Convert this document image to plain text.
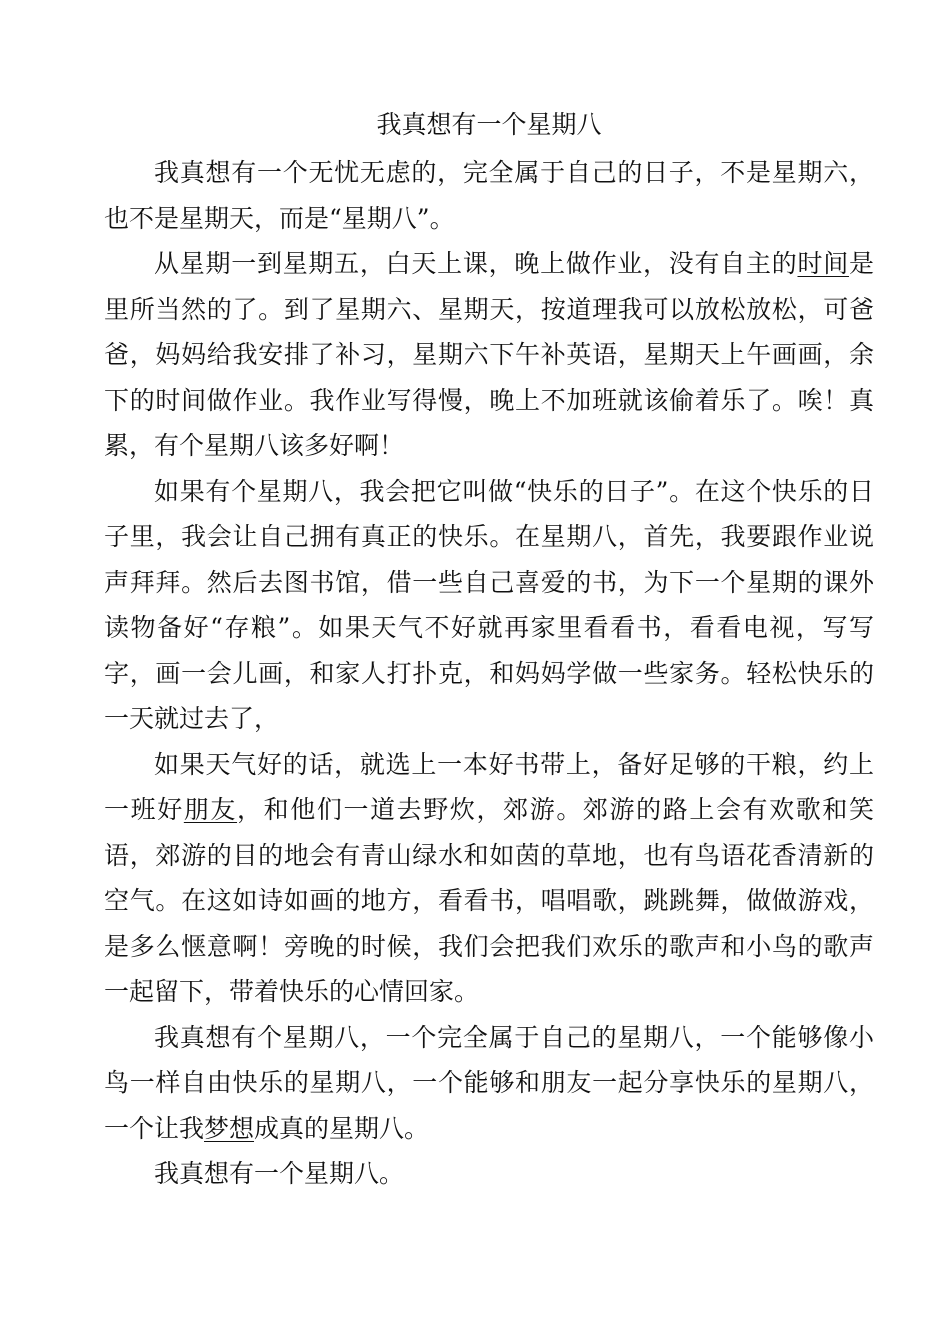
我真想有一个星期八

我真想有一个无忧无虑的，完全属于自己的日子，不是星期六，也不是星期天，而是“星期八”。

从星期一到星期五，白天上课，晚上做作业，没有自主的时间是里所当然的了。到了星期六、星期天，按道理我可以放松放松，可爸爸，妈妈给我安排了补习，星期六下午补英语，星期天上午画画，余下的时间做作业。我作业写得慢，晚上不加班就该偷着乐了。唉！真累，有个星期八该多好啊！

如果有个星期八，我会把它叫做“快乐的日子”。在这个快乐的日子里，我会让自己拥有真正的快乐。在星期八，首先，我要跟作业说声拜拜。然后去图书馆，借一些自己喜爱的书，为下一个星期的课外读物备好“存粮”。如果天气不好就再家里看看书，看看电视，写写字，画一会儿画，和家人打扑克，和妈妈学做一些家务。轻松快乐的一天就过去了，

如果天气好的话，就选上一本好书带上，备好足够的干粮，约上一班好朋友，和他们一道去野炊，郊游。郊游的路上会有欢歌和笑语，郊游的目的地会有青山绿水和如茵的草地，也有鸟语花香清新的空气。在这如诗如画的地方，看看书，唱唱歌，跳跳舞，做做游戏，是多么惬意啊！旁晚的时候，我们会把我们欢乐的歌声和小鸟的歌声一起留下，带着快乐的心情回家。

我真想有个星期八，一个完全属于自己的星期八，一个能够像小鸟一样自由快乐的星期八，一个能够和朋友一起分享快乐的星期八，一个让我梦想成真的星期八。

我真想有一个星期八。
